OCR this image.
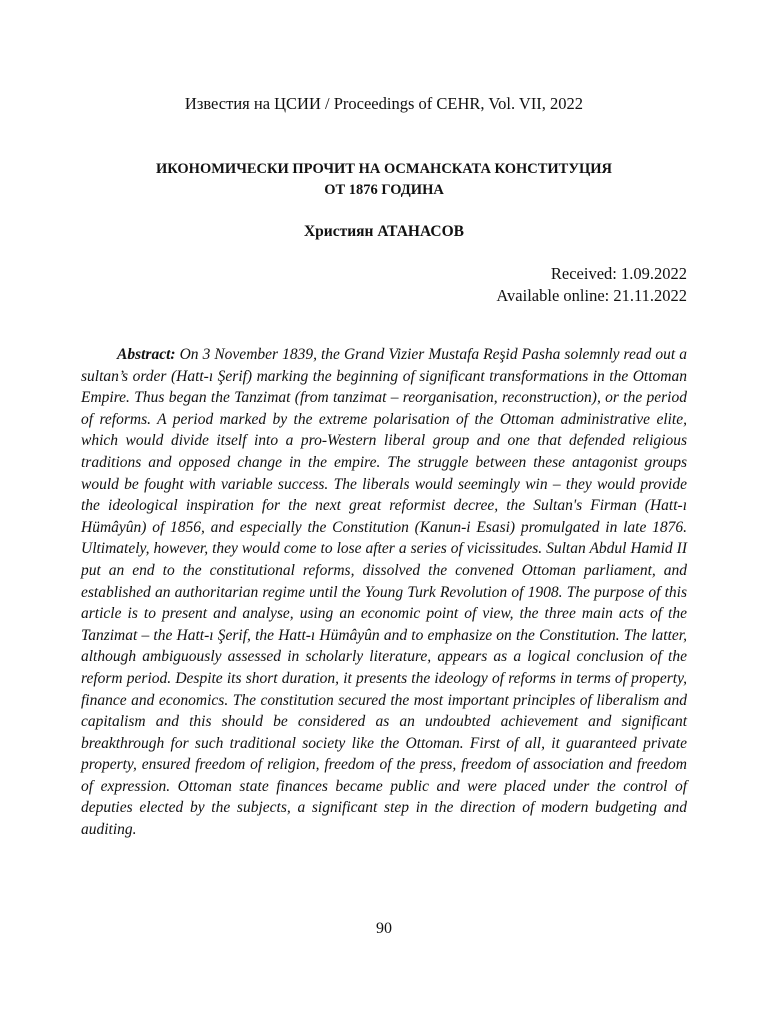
Известия на ЦСИИ / Proceedings of CEHR, Vol. VII, 2022
ИКОНОМИЧЕСКИ ПРОЧИТ НА ОСМАНСКАТА КОНСТИТУЦИЯ
ОТ 1876 ГОДИНА
Християн АТАНАСОВ
Received: 1.09.2022
Available online: 21.11.2022

Abstract: On 3 November 1839, the Grand Vizier Mustafa Reşid Pasha solemnly read out a sultan’s order (Hatt-ı Şerif) marking the beginning of significant transformations in the Ottoman Empire. Thus began the Tanzimat (from tanzimat – reorganisation, reconstruction), or the period of reforms. A period marked by the extreme polarisation of the Ottoman administrative elite, which would divide itself into a pro-Western liberal group and one that defended religious traditions and opposed change in the empire. The struggle between these antagonist groups would be fought with variable success. The liberals would seemingly win – they would provide the ideological inspiration for the next great reformist decree, the Sultan's Firman (Hatt-ı Hümâyûn) of 1856, and especially the Constitution (Kanun-i Esasi) promulgated in late 1876. Ultimately, however, they would come to lose after a series of vicissitudes. Sultan Abdul Hamid II put an end to the constitutional reforms, dissolved the convened Ottoman parliament, and established an authoritarian regime until the Young Turk Revolution of 1908. The purpose of this article is to present and analyse, using an economic point of view, the three main acts of the Tanzimat – the Hatt-ı Şerif, the Hatt-ı Hümâyûn and to emphasize on the Constitution. The latter, although ambiguously assessed in scholarly literature, appears as a logical conclusion of the reform period. Despite its short duration, it presents the ideology of reforms in terms of property, finance and economics. The constitution secured the most important principles of liberalism and capitalism and this should be considered as an undoubted achievement and significant breakthrough for such traditional society like the Ottoman. First of all, it guaranteed private property, ensured freedom of religion, freedom of the press, freedom of association and freedom of expression. Ottoman state finances became public and were placed under the control of deputies elected by the subjects, a significant step in the direction of modern budgeting and auditing.

90
